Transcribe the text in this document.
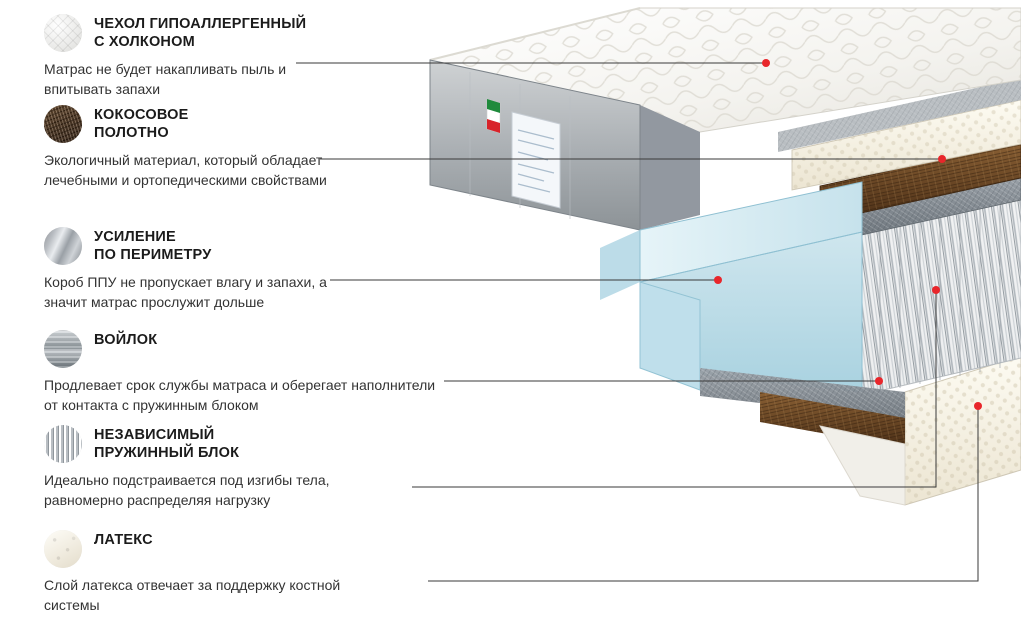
ЧЕХОЛ ГИПОАЛЛЕРГЕННЫЙ
С ХОЛКОНОМ
Матрас не будет накапливать пыль и впитывать запахи
КОКОСОВОЕ
ПОЛОТНО
Экологичный материал, который обладает лечебными и ортопедическими свойствами
УСИЛЕНИЕ
ПО ПЕРИМЕТРУ
Короб ППУ не пропускает влагу и запахи, а значит матрас прослужит дольше
ВОЙЛОК
Продлевает срок службы матраса и оберегает наполнители от контакта с пружинным блоком
НЕЗАВИСИМЫЙ
ПРУЖИННЫЙ БЛОК
Идеально подстраивается под изгибы тела, равномерно распределяя нагрузку
ЛАТЕКС
Слой латекса отвечает за поддержку костной системы
